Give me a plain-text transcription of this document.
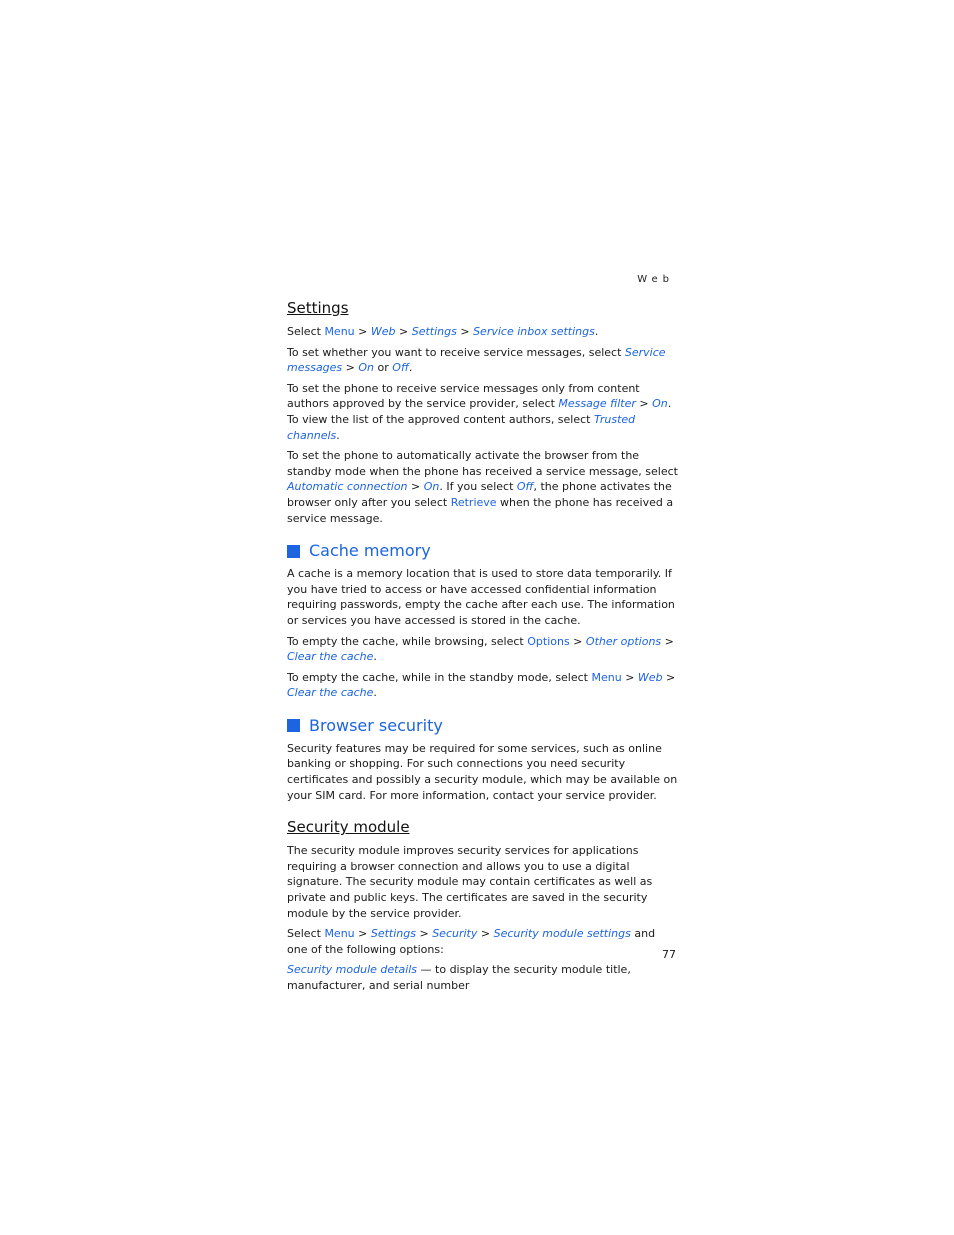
Web
Settings

Select Menu > Web > Settings > Service inbox settings.

To set whether you want to receive service messages, select Service messages > On or Off.

To set the phone to receive service messages only from content authors approved by the service provider, select Message filter > On. To view the list of the approved content authors, select Trusted channels.

To set the phone to automatically activate the browser from the standby mode when the phone has received a service message, select Automatic connection > On. If you select Off, the phone activates the browser only after you select Retrieve when the phone has received a service message.

Cache memory

A cache is a memory location that is used to store data temporarily. If you have tried to access or have accessed confidential information requiring passwords, empty the cache after each use. The information or services you have accessed is stored in the cache.

To empty the cache, while browsing, select Options > Other options > Clear the cache.

To empty the cache, while in the standby mode, select Menu > Web > Clear the cache.

Browser security

Security features may be required for some services, such as online banking or shopping. For such connections you need security certificates and possibly a security module, which may be available on your SIM card. For more information, contact your service provider.

Security module

The security module improves security services for applications requiring a browser connection and allows you to use a digital signature. The security module may contain certificates as well as private and public keys. The certificates are saved in the security module by the service provider.

Select Menu > Settings > Security > Security module settings and one of the following options:

Security module details — to display the security module title, manufacturer, and serial number

77
